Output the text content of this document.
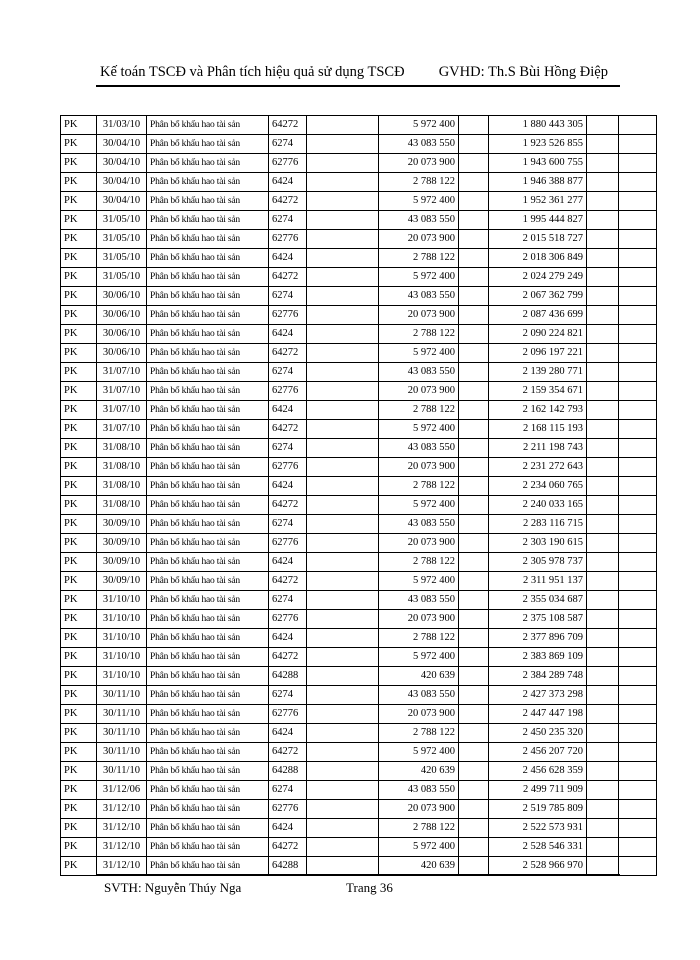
Kế toán TSCĐ và Phân tích hiệu quả sử dụng TSCĐ GVHD: Th.S Bùi Hồng Điệp
PK	31/03/10	Phân bổ khấu hao tài sản	64272		5 972 400		1 880 443 305		
PK	30/04/10	Phân bổ khấu hao tài sản	6274		43 083 550		1 923 526 855		
PK	30/04/10	Phân bổ khấu hao tài sản	62776		20 073 900		1 943 600 755		
PK	30/04/10	Phân bổ khấu hao tài sản	6424		2 788 122		1 946 388 877		
PK	30/04/10	Phân bổ khấu hao tài sản	64272		5 972 400		1 952 361 277		
PK	31/05/10	Phân bổ khấu hao tài sản	6274		43 083 550		1 995 444 827		
PK	31/05/10	Phân bổ khấu hao tài sản	62776		20 073 900		2 015 518 727		
PK	31/05/10	Phân bổ khấu hao tài sản	6424		2 788 122		2 018 306 849		
PK	31/05/10	Phân bổ khấu hao tài sản	64272		5 972 400		2 024 279 249		
PK	30/06/10	Phân bổ khấu hao tài sản	6274		43 083 550		2 067 362 799		
PK	30/06/10	Phân bổ khấu hao tài sản	62776		20 073 900		2 087 436 699		
PK	30/06/10	Phân bổ khấu hao tài sản	6424		2 788 122		2 090 224 821		
PK	30/06/10	Phân bổ khấu hao tài sản	64272		5 972 400		2 096 197 221		
PK	31/07/10	Phân bổ khấu hao tài sản	6274		43 083 550		2 139 280 771		
PK	31/07/10	Phân bổ khấu hao tài sản	62776		20 073 900		2 159 354 671		
PK	31/07/10	Phân bổ khấu hao tài sản	6424		2 788 122		2 162 142 793		
PK	31/07/10	Phân bổ khấu hao tài sản	64272		5 972 400		2 168 115 193		
PK	31/08/10	Phân bổ khấu hao tài sản	6274		43 083 550		2 211 198 743		
PK	31/08/10	Phân bổ khấu hao tài sản	62776		20 073 900		2 231 272 643		
PK	31/08/10	Phân bổ khấu hao tài sản	6424		2 788 122		2 234 060 765		
PK	31/08/10	Phân bổ khấu hao tài sản	64272		5 972 400		2 240 033 165		
PK	30/09/10	Phân bổ khấu hao tài sản	6274		43 083 550		2 283 116 715		
PK	30/09/10	Phân bổ khấu hao tài sản	62776		20 073 900		2 303 190 615		
PK	30/09/10	Phân bổ khấu hao tài sản	6424		2 788 122		2 305 978 737		
PK	30/09/10	Phân bổ khấu hao tài sản	64272		5 972 400		2 311 951 137		
PK	31/10/10	Phân bổ khấu hao tài sản	6274		43 083 550		2 355 034 687		
PK	31/10/10	Phân bổ khấu hao tài sản	62776		20 073 900		2 375 108 587		
PK	31/10/10	Phân bổ khấu hao tài sản	6424		2 788 122		2 377 896 709		
PK	31/10/10	Phân bổ khấu hao tài sản	64272		5 972 400		2 383 869 109		
PK	31/10/10	Phân bổ khấu hao tài sản	64288		420 639		2 384 289 748		
PK	30/11/10	Phân bổ khấu hao tài sản	6274		43 083 550		2 427 373 298		
PK	30/11/10	Phân bổ khấu hao tài sản	62776		20 073 900		2 447 447 198		
PK	30/11/10	Phân bổ khấu hao tài sản	6424		2 788 122		2 450 235 320		
PK	30/11/10	Phân bổ khấu hao tài sản	64272		5 972 400		2 456 207 720		
PK	30/11/10	Phân bổ khấu hao tài sản	64288		420 639		2 456 628 359		
PK	31/12/06	Phân bổ khấu hao tài sản	6274		43 083 550		2 499 711 909		
PK	31/12/10	Phân bổ khấu hao tài sản	62776		20 073 900		2 519 785 809		
PK	31/12/10	Phân bổ khấu hao tài sản	6424		2 788 122		2 522 573 931		
PK	31/12/10	Phân bổ khấu hao tài sản	64272		5 972 400		2 528 546 331		
PK	31/12/10	Phân bổ khấu hao tài sản	64288		420 639		2 528 966 970		
SVTH: Nguyễn Thúy Nga	Trang 36
